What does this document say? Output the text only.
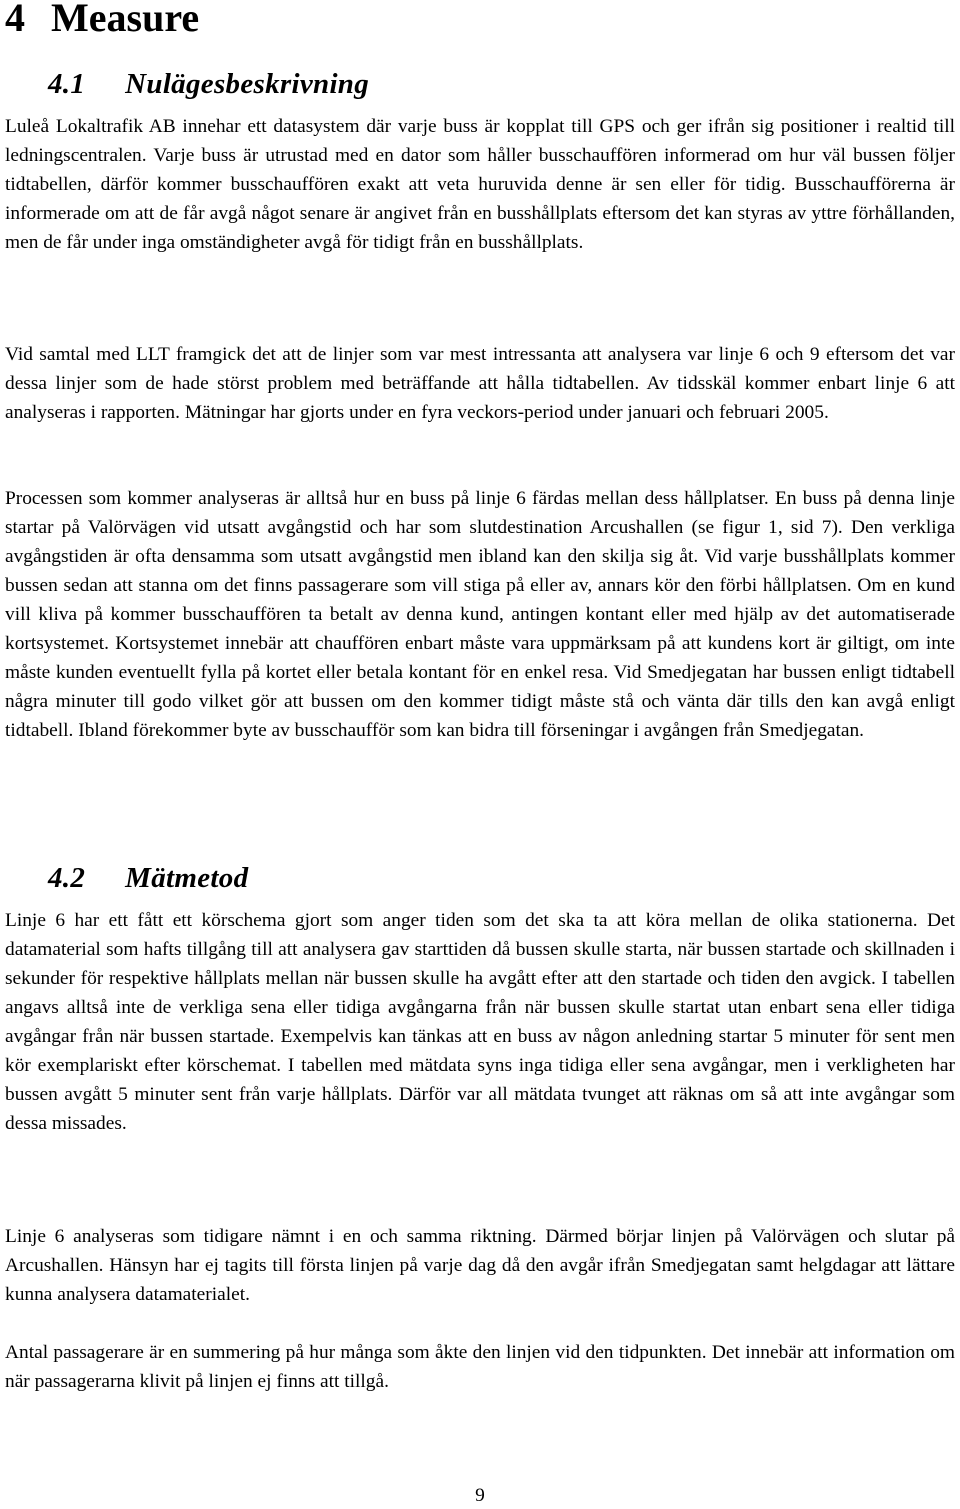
4 Measure
4.1 Nulägesbeskrivning

Luleå Lokaltrafik AB innehar ett datasystem där varje buss är kopplat till GPS och ger ifrån sig positioner i realtid till ledningscentralen. Varje buss är utrustad med en dator som håller busschauffören informerad om hur väl bussen följer tidtabellen, därför kommer busschauffören exakt att veta huruvida denne är sen eller för tidig. Busschaufförerna är informerade om att de får avgå något senare är angivet från en busshållplats eftersom det kan styras av yttre förhållanden, men de får under inga omständigheter avgå för tidigt från en busshållplats.

Vid samtal med LLT framgick det att de linjer som var mest intressanta att analysera var linje 6 och 9 eftersom det var dessa linjer som de hade störst problem med beträffande att hålla tidtabellen. Av tidsskäl kommer enbart linje 6 att analyseras i rapporten. Mätningar har gjorts under en fyra veckors-period under januari och februari 2005.

Processen som kommer analyseras är alltså hur en buss på linje 6 färdas mellan dess hållplatser. En buss på denna linje startar på Valörvägen vid utsatt avgångstid och har som slutdestination Arcushallen (se figur 1, sid 7). Den verkliga avgångstiden är ofta densamma som utsatt avgångstid men ibland kan den skilja sig åt. Vid varje busshållplats kommer bussen sedan att stanna om det finns passagerare som vill stiga på eller av, annars kör den förbi hållplatsen. Om en kund vill kliva på kommer busschauffören ta betalt av denna kund, antingen kontant eller med hjälp av det automatiserade kortsystemet. Kortsystemet innebär att chauffören enbart måste vara uppmärksam på att kundens kort är giltigt, om inte måste kunden eventuellt fylla på kortet eller betala kontant för en enkel resa. Vid Smedjegatan har bussen enligt tidtabell några minuter till godo vilket gör att bussen om den kommer tidigt måste stå och vänta där tills den kan avgå enligt tidtabell. Ibland förekommer byte av busschaufför som kan bidra till förseningar i avgången från Smedjegatan.

4.2 Mätmetod

Linje 6 har ett fått ett körschema gjort som anger tiden som det ska ta att köra mellan de olika stationerna. Det datamaterial som hafts tillgång till att analysera gav starttiden då bussen skulle starta, när bussen startade och skillnaden i sekunder för respektive hållplats mellan när bussen skulle ha avgått efter att den startade och tiden den avgick. I tabellen angavs alltså inte de verkliga sena eller tidiga avgångarna från när bussen skulle startat utan enbart sena eller tidiga avgångar från när bussen startade. Exempelvis kan tänkas att en buss av någon anledning startar 5 minuter för sent men kör exemplariskt efter körschemat. I tabellen med mätdata syns inga tidiga eller sena avgångar, men i verkligheten har bussen avgått 5 minuter sent från varje hållplats. Därför var all mätdata tvunget att räknas om så att inte avgångar som dessa missades.

Linje 6 analyseras som tidigare nämnt i en och samma riktning. Därmed börjar linjen på Valörvägen och slutar på Arcushallen. Hänsyn har ej tagits till första linjen på varje dag då den avgår ifrån Smedjegatan samt helgdagar att lättare kunna analysera datamaterialet.

Antal passagerare är en summering på hur många som åkte den linjen vid den tidpunkten. Det innebär att information om när passagerarna klivit på linjen ej finns att tillgå.

9
